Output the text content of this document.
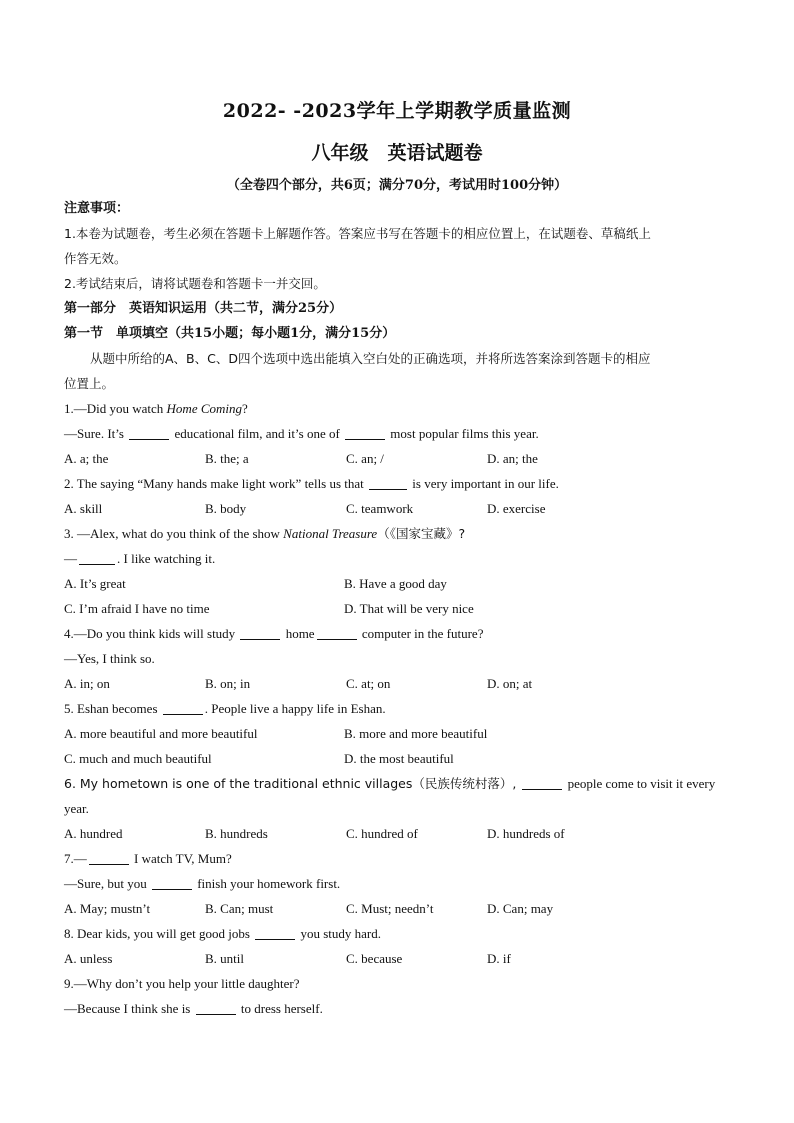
2022- -2023学年上学期教学质量监测
八年级　英语试题卷
（全卷四个部分，共6页；满分70分，考试用时100分钟）
注意事项：
1.本卷为试题卷，考生必须在答题卡上解题作答。答案应书写在答题卡的相应位置上，在试题卷、草稿纸上
作答无效。
2.考试结束后，请将试题卷和答题卡一并交回。
第一部分　英语知识运用（共二节，满分25分）
第一节　单项填空（共15小题；每小题1分，满分15分）
从题中所给的A、B、C、D四个选项中选出能填入空白处的正确选项，并将所选答案涂到答题卡的相应
位置上。
1.—Did you watch Home Coming?
—Sure. It’s	educational film, and it’s one of	most popular films this year.
A. a; the	B. the; a	C. an; /	D. an; the
2. The saying “Many hands make light work” tells us that	is very important in our life.
A. skill	B. body	C. teamwork	D. exercise
3. —Alex, what do you think of the show National Treasure（《国家宝藏》?
—	. I like watching it.
A. It’s great	B. Have a good day
C. I’m afraid I have no time	D. That will be very nice
4.—Do you think kids will study	home	computer in the future?
—Yes, I think so.
A. in; on	B. on; in	C. at; on	D. on; at
5. Eshan becomes	. People live a happy life in Eshan.
A. more beautiful and more beautiful	B. more and more beautiful
C. much and much beautiful	D. the most beautiful
6. My hometown is one of the traditional ethnic villages（民族传统村落）,	people come to visit it every
year.
A. hundred	B. hundreds	C. hundred of	D. hundreds of
7.—	I watch TV, Mum?
—Sure, but you	finish your homework first.
A. May; mustn’t	B. Can; must	C. Must; needn’t	D. Can; may
8. Dear kids, you will get good jobs	you study hard.
A. unless	B. until	C. because	D. if
9.—Why don’t you help your little daughter?
—Because I think she is	to dress herself.
